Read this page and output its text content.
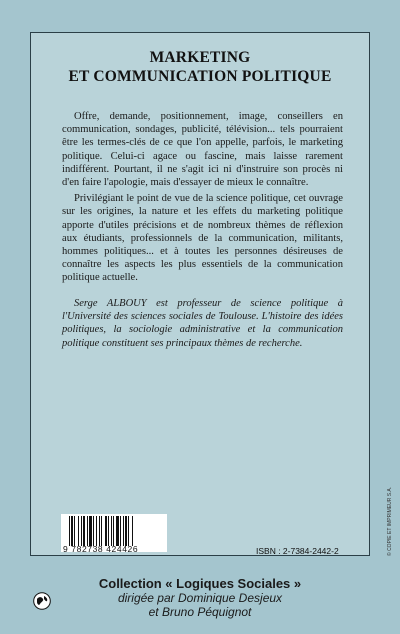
MARKETING
ET COMMUNICATION POLITIQUE

Offre, demande, positionnement, image, conseillers en communication, sondages, publicité, télévision... tels pourraient être les termes-clés de ce que l'on appelle, parfois, le marketing politique. Celui-ci agace ou fascine, mais laisse rarement indifférent. Pourtant, il ne s'agit ici ni d'instruire son procès ni d'en faire l'apologie, mais d'essayer de mieux le connaître.

Privilégiant le point de vue de la science politique, cet ouvrage sur les origines, la nature et les effets du marketing politique apporte d'utiles précisions et de nombreux thèmes de réflexion aux étudiants, professionnels de la communication, militants, hommes politiques... et à toutes les personnes désireuses de connaître les aspects les plus essentiels de la communication politique actuelle.

Serge ALBOUY est professeur de science politique à l'Université des sciences sociales de Toulouse. L'histoire des idées politiques, la sociologie administrative et la communication politique constituent ses principaux thèmes de recherche.
9 782738 424426	ISBN : 2-7384-2442-2
Collection « Logiques Sociales »
dirigée par Dominique Desjeux
et Bruno Péquignot
© COPIE ET IMPRIMEUR S.A.
